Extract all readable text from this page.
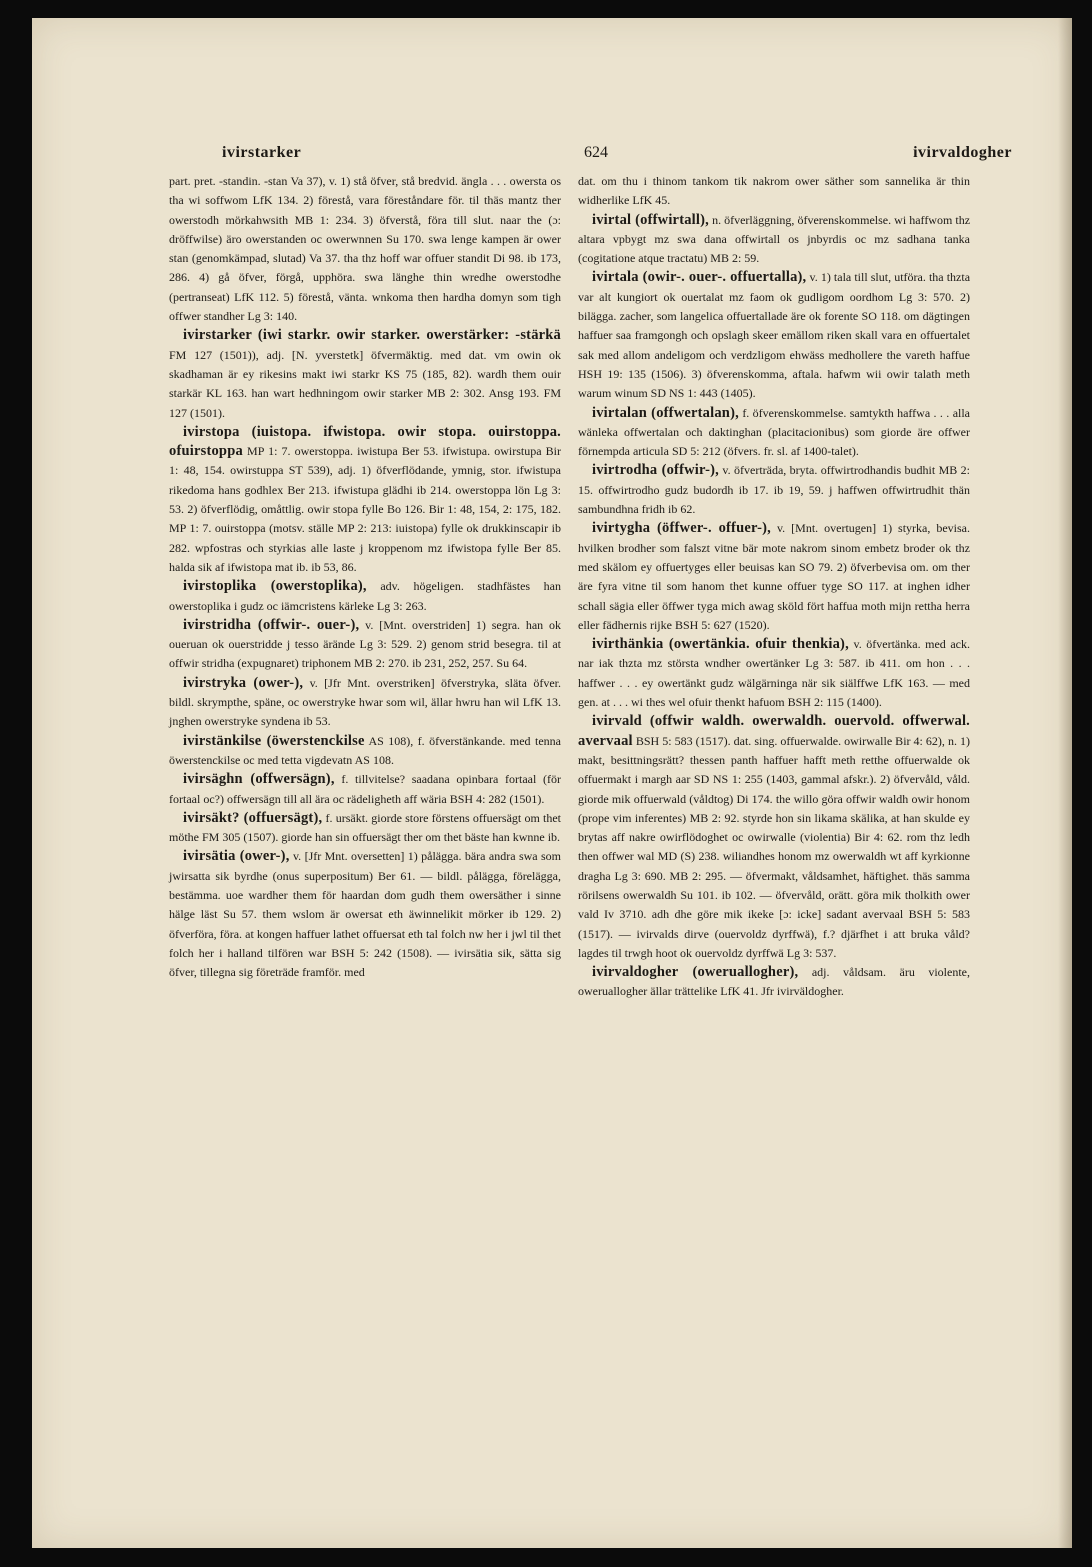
ivirstarker	624	ivirvaldogher

part. pret. -standin. -stan Va 37), v. 1) stå öfver, stå bredvid. ängla . . . owersta os tha wi soffwom LfK 134. 2) förestå, vara föreståndare för. til thäs mantz ther owerstodh mörkahwsith MB 1: 234. 3) öfverstå, föra till slut. naar the (ɔ: dröffwilse) äro owerstanden oc owerwnnen Su 170. swa lenge kampen är ower stan (genomkämpad, slutad) Va 37. tha thz hoff war offuer standit Di 98. ib 173, 286. 4) gå öfver, förgå, upphöra. swa länghe thin wredhe owerstodhe (pertranseat) LfK 112. 5) förestå, vänta. wnkoma then hardha domyn som tigh offwer standher Lg 3: 140.

ivirstarker (iwi starkr. owir starker. owerstärker: -stärkä FM 127 (1501)), adj. [N. yverstetk] öfvermäktig. med dat. vm owin ok skadhaman är ey rikesins makt iwi starkr KS 75 (185, 82). wardh them ouir starkär KL 163. han wart hedhningom owir starker MB 2: 302. Ansg 193. FM 127 (1501).

ivirstopa (iuistopa. ifwistopa. owir stopa. ouirstoppa. ofuirstoppa MP 1: 7. owerstoppa. iwistupa Ber 53. ifwistupa. owirstupa Bir 1: 48, 154. owirstuppa ST 539), adj. 1) öfverflödande, ymnig, stor. ifwistupa rikedoma hans godhlex Ber 213. ifwistupa glädhi ib 214. owerstoppa lön Lg 3: 53. 2) öfverflödig, omåttlig. owir stopa fylle Bo 126. Bir 1: 48, 154, 2: 175, 182. MP 1: 7. ouirstoppa (motsv. ställe MP 2: 213: iuistopa) fylle ok drukkinscapir ib 282. wpfostras och styrkias alle laste j kroppenom mz ifwistopa fylle Ber 85. halda sik af ifwistopa mat ib. ib 53, 86.

ivirstoplika (owerstoplika), adv. högeligen. stadhfästes han owerstoplika i gudz oc iämcristens kärleke Lg 3: 263.

ivirstridha (offwir-. ouer-), v. [Mnt. overstriden] 1) segra. han ok oueruan ok ouerstridde j tesso ärände Lg 3: 529. 2) genom strid besegra. til at offwir stridha (expugnaret) triphonem MB 2: 270. ib 231, 252, 257. Su 64.

ivirstryka (ower-), v. [Jfr Mnt. overstriken] öfverstryka, släta öfver. bildl. skrympthe, späne, oc owerstryke hwar som wil, ällar hwru han wil LfK 13. jnghen owerstryke syndena ib 53.

ivirstänkilse (öwerstenckilse AS 108), f. öfverstänkande. med tenna öwerstenckilse oc med tetta vigdevatn AS 108.

ivirsäghn (offwersägn), f. tillvitelse? saadana opinbara fortaal (för fortaal oc?) offwersägn till all ära oc rädeligheth aff wäria BSH 4: 282 (1501).

ivirsäkt? (offuersägt), f. ursäkt. giorde store förstens offuersägt om thet möthe FM 305 (1507). giorde han sin offuersägt ther om thet bäste han kwnne ib.

ivirsätia (ower-), v. [Jfr Mnt. oversetten] 1) pålägga. bära andra swa som jwirsatta sik byrdhe (onus superpositum) Ber 61. — bildl. pålägga, förelägga, bestämma. uoe wardher them för haardan dom gudh them owersäther i sinne hälge läst Su 57. them wslom är owersat eth äwinnelikit mörker ib 129. 2) öfverföra, föra. at kongen haffuer lathet offuersat eth tal folch nw her i jwl til thet folch her i halland tilfören war BSH 5: 242 (1508). — ivirsätia sik, sätta sig öfver, tillegna sig företräde framför. med

dat. om thu i thinom tankom tik nakrom ower säther som sannelika är thin widherlike LfK 45.

ivirtal (offwirtall), n. öfverläggning, öfverenskommelse. wi haffwom thz altara vpbygt mz swa dana offwirtall os jnbyrdis oc mz sadhana tanka (cogitatione atque tractatu) MB 2: 59.

ivirtala (owir-. ouer-. offuertalla), v. 1) tala till slut, utföra. tha thzta var alt kungiort ok ouertalat mz faom ok gudligom oordhom Lg 3: 570. 2) bilägga. zacher, som langelica offuertallade äre ok forente SO 118. om dägtingen haffuer saa framgongh och opslagh skeer emällom riken skall vara en offuertalet sak med allom andeligom och verdzligom ehwäss medhollere the vareth haffue HSH 19: 135 (1506). 3) öfverenskomma, aftala. hafwm wii owir talath meth warum winum SD NS 1: 443 (1405).

ivirtalan (offwertalan), f. öfverenskommelse. samtykth haffwa . . . alla wänleka offwertalan och daktinghan (placitacionibus) som giorde äre offwer förnempda articula SD 5: 212 (öfvers. fr. sl. af 1400-talet).

ivirtrodha (offwir-), v. öfverträda, bryta. offwirtrodhandis budhit MB 2: 15. offwirtrodho gudz budordh ib 17. ib 19, 59. j haffwen offwirtrudhit thän sambundhna fridh ib 62.

ivirtygha (öffwer-. offuer-), v. [Mnt. overtugen] 1) styrka, bevisa. hvilken brodher som falszt vitne bär mote nakrom sinom embetz broder ok thz med skälom ey offuertyges eller beuisas kan SO 79. 2) öfverbevisa om. om ther äre fyra vitne til som hanom thet kunne offuer tyge SO 117. at inghen idher schall sägia eller öffwer tyga mich awag sköld fört haffua moth mijn rettha herra eller fädhernis rijke BSH 5: 627 (1520).

ivirthänkia (owertänkia. ofuir thenkia), v. öfvertänka. med ack. nar iak thzta mz största wndher owertänker Lg 3: 587. ib 411. om hon . . . haffwer . . . ey owertänkt gudz wälgärninga när sik siälffwe LfK 163. — med gen. at . . . wi thes wel ofuir thenkt hafuom BSH 2: 115 (1400).

ivirvald (offwir waldh. owerwaldh. ouervold. offwerwal. avervaal BSH 5: 583 (1517). dat. sing. offuerwalde. owirwalle Bir 4: 62), n. 1) makt, besittningsrätt? thessen panth haffuer hafft meth retthe offuerwalde ok offuermakt i margh aar SD NS 1: 255 (1403, gammal afskr.). 2) öfvervåld, våld. giorde mik offuerwald (våldtog) Di 174. the willo göra offwir waldh owir honom (prope vim inferentes) MB 2: 92. styrde hon sin likama skälika, at han skulde ey brytas aff nakre owirflödoghet oc owirwalle (violentia) Bir 4: 62. rom thz ledh then offwer wal MD (S) 238. wiliandhes honom mz owerwaldh wt aff kyrkionne dragha Lg 3: 690. MB 2: 295. — öfvermakt, våldsamhet, häftighet. thäs samma rörilsens owerwaldh Su 101. ib 102. — öfvervåld, orätt. göra mik tholkith ower vald Iv 3710. adh dhe göre mik ikeke [ɔ: icke] sadant avervaal BSH 5: 583 (1517). — ivirvalds dirve (ouervoldz dyrffwä), f.? djärfhet i att bruka våld? lagdes til trwgh hoot ok ouervoldz dyrffwä Lg 3: 537.

ivirvaldogher (oweruallogher), adj. våldsam. äru violente, oweruallogher ällar trättelike LfK 41. Jfr ivirväldogher.
